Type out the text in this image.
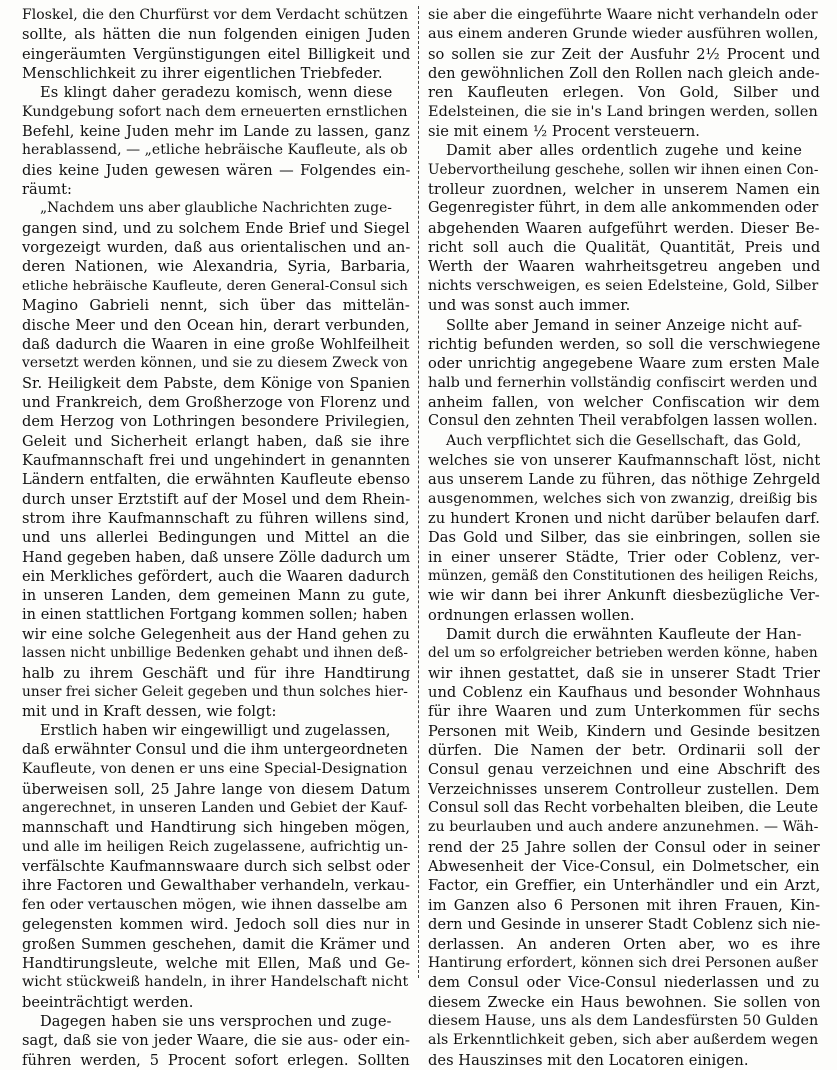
Floskel, die den Churfürst vor dem Verdacht schützen
sollte, als hätten die nun folgenden einigen Juden
eingeräumten Vergünstigungen eitel Billigkeit und
Menschlichkeit zu ihrer eigentlichen Triebfeder.
Es klingt daher geradezu komisch, wenn diese
Kundgebung sofort nach dem erneuerten ernstlichen
Befehl, keine Juden mehr im Lande zu lassen, ganz
herablassend, — „etliche hebräische Kaufleute, als ob
dies keine Juden gewesen wären — Folgendes ein-
räumt:
„Nachdem uns aber glaubliche Nachrichten zuge-
gangen sind, und zu solchem Ende Brief und Siegel
vorgezeigt wurden, daß aus orientalischen und an-
deren Nationen, wie Alexandria, Syria, Barbaria,
etliche hebräische Kaufleute, deren General-Consul sich
Magino Gabrieli nennt, sich über das mittelän-
dische Meer und den Ocean hin, derart verbunden,
daß dadurch die Waaren in eine große Wohlfeilheit
versetzt werden können, und sie zu diesem Zweck von
Sr. Heiligkeit dem Pabste, dem Könige von Spanien
und Frankreich, dem Großherzoge von Florenz und
dem Herzog von Lothringen besondere Privilegien,
Geleit und Sicherheit erlangt haben, daß sie ihre
Kaufmannschaft frei und ungehindert in genannten
Ländern entfalten, die erwähnten Kaufleute ebenso
durch unser Erztstift auf der Mosel und dem Rhein-
strom ihre Kaufmannschaft zu führen willens sind,
und uns allerlei Bedingungen und Mittel an die
Hand gegeben haben, daß unsere Zölle dadurch um
ein Merkliches gefördert, auch die Waaren dadurch
in unseren Landen, dem gemeinen Mann zu gute,
in einen stattlichen Fortgang kommen sollen; haben
wir eine solche Gelegenheit aus der Hand gehen zu
lassen nicht unbillige Bedenken gehabt und ihnen deß-
halb zu ihrem Geschäft und für ihre Handtirung
unser frei sicher Geleit gegeben und thun solches hier-
mit und in Kraft dessen, wie folgt:
Erstlich haben wir eingewilligt und zugelassen,
daß erwähnter Consul und die ihm untergeordneten
Kaufleute, von denen er uns eine Special-Designation
überweisen soll, 25 Jahre lange von diesem Datum
angerechnet, in unseren Landen und Gebiet der Kauf-
mannschaft und Handtirung sich hingeben mögen,
und alle im heiligen Reich zugelassene, aufrichtig un-
verfälschte Kaufmannswaare durch sich selbst oder
ihre Factoren und Gewalthaber verhandeln, verkau-
fen oder vertauschen mögen, wie ihnen dasselbe am
gelegensten kommen wird. Jedoch soll dies nur in
großen Summen geschehen, damit die Krämer und
Handtirungsleute, welche mit Ellen, Maß und Ge-
wicht stückweiß handeln, in ihrer Handelschaft nicht
beeinträchtigt werden.
Dagegen haben sie uns versprochen und zuge-
sagt, daß sie von jeder Waare, die sie aus- oder ein-
führen werden, 5 Procent sofort erlegen. Sollten
sie aber die eingeführte Waare nicht verhandeln oder
aus einem anderen Grunde wieder ausführen wollen,
so sollen sie zur Zeit der Ausfuhr 2½ Procent und
den gewöhnlichen Zoll den Rollen nach gleich ande-
ren Kaufleuten erlegen. Von Gold, Silber und
Edelsteinen, die sie in's Land bringen werden, sollen
sie mit einem ½ Procent versteuern.
Damit aber alles ordentlich zugehe und keine
Uebervortheilung geschehe, sollen wir ihnen einen Con-
trolleur zuordnen, welcher in unserem Namen ein
Gegenregister führt, in dem alle ankommenden oder
abgehenden Waaren aufgeführt werden. Dieser Be-
richt soll auch die Qualität, Quantität, Preis und
Werth der Waaren wahrheitsgetreu angeben und
nichts verschweigen, es seien Edelsteine, Gold, Silber
und was sonst auch immer.
Sollte aber Jemand in seiner Anzeige nicht auf-
richtig befunden werden, so soll die verschwiegene
oder unrichtig angegebene Waare zum ersten Male
halb und fernerhin vollständig confiscirt werden und
anheim fallen, von welcher Confiscation wir dem
Consul den zehnten Theil verabfolgen lassen wollen.
Auch verpflichtet sich die Gesellschaft, das Gold,
welches sie von unserer Kaufmannschaft löst, nicht
aus unserem Lande zu führen, das nöthige Zehrgeld
ausgenommen, welches sich von zwanzig, dreißig bis
zu hundert Kronen und nicht darüber belaufen darf.
Das Gold und Silber, das sie einbringen, sollen sie
in einer unserer Städte, Trier oder Coblenz, ver-
münzen, gemäß den Constitutionen des heiligen Reichs,
wie wir dann bei ihrer Ankunft diesbezügliche Ver-
ordnungen erlassen wollen.
Damit durch die erwähnten Kaufleute der Han-
del um so erfolgreicher betrieben werden könne, haben
wir ihnen gestattet, daß sie in unserer Stadt Trier
und Coblenz ein Kaufhaus und besonder Wohnhaus
für ihre Waaren und zum Unterkommen für sechs
Personen mit Weib, Kindern und Gesinde besitzen
dürfen. Die Namen der betr. Ordinarii soll der
Consul genau verzeichnen und eine Abschrift des
Verzeichnisses unserem Controlleur zustellen. Dem
Consul soll das Recht vorbehalten bleiben, die Leute
zu beurlauben und auch andere anzunehmen. — Wäh-
rend der 25 Jahre sollen der Consul oder in seiner
Abwesenheit der Vice-Consul, ein Dolmetscher, ein
Factor, ein Greffier, ein Unterhändler und ein Arzt,
im Ganzen also 6 Personen mit ihren Frauen, Kin-
dern und Gesinde in unserer Stadt Coblenz sich nie-
derlassen. An anderen Orten aber, wo es ihre
Hantirung erfordert, können sich drei Personen außer
dem Consul oder Vice-Consul niederlassen und zu
diesem Zwecke ein Haus bewohnen. Sie sollen von
diesem Hause, uns als dem Landesfürsten 50 Gulden
als Erkenntlichkeit geben, sich aber außerdem wegen
des Hauszinses mit den Locatoren einigen.
